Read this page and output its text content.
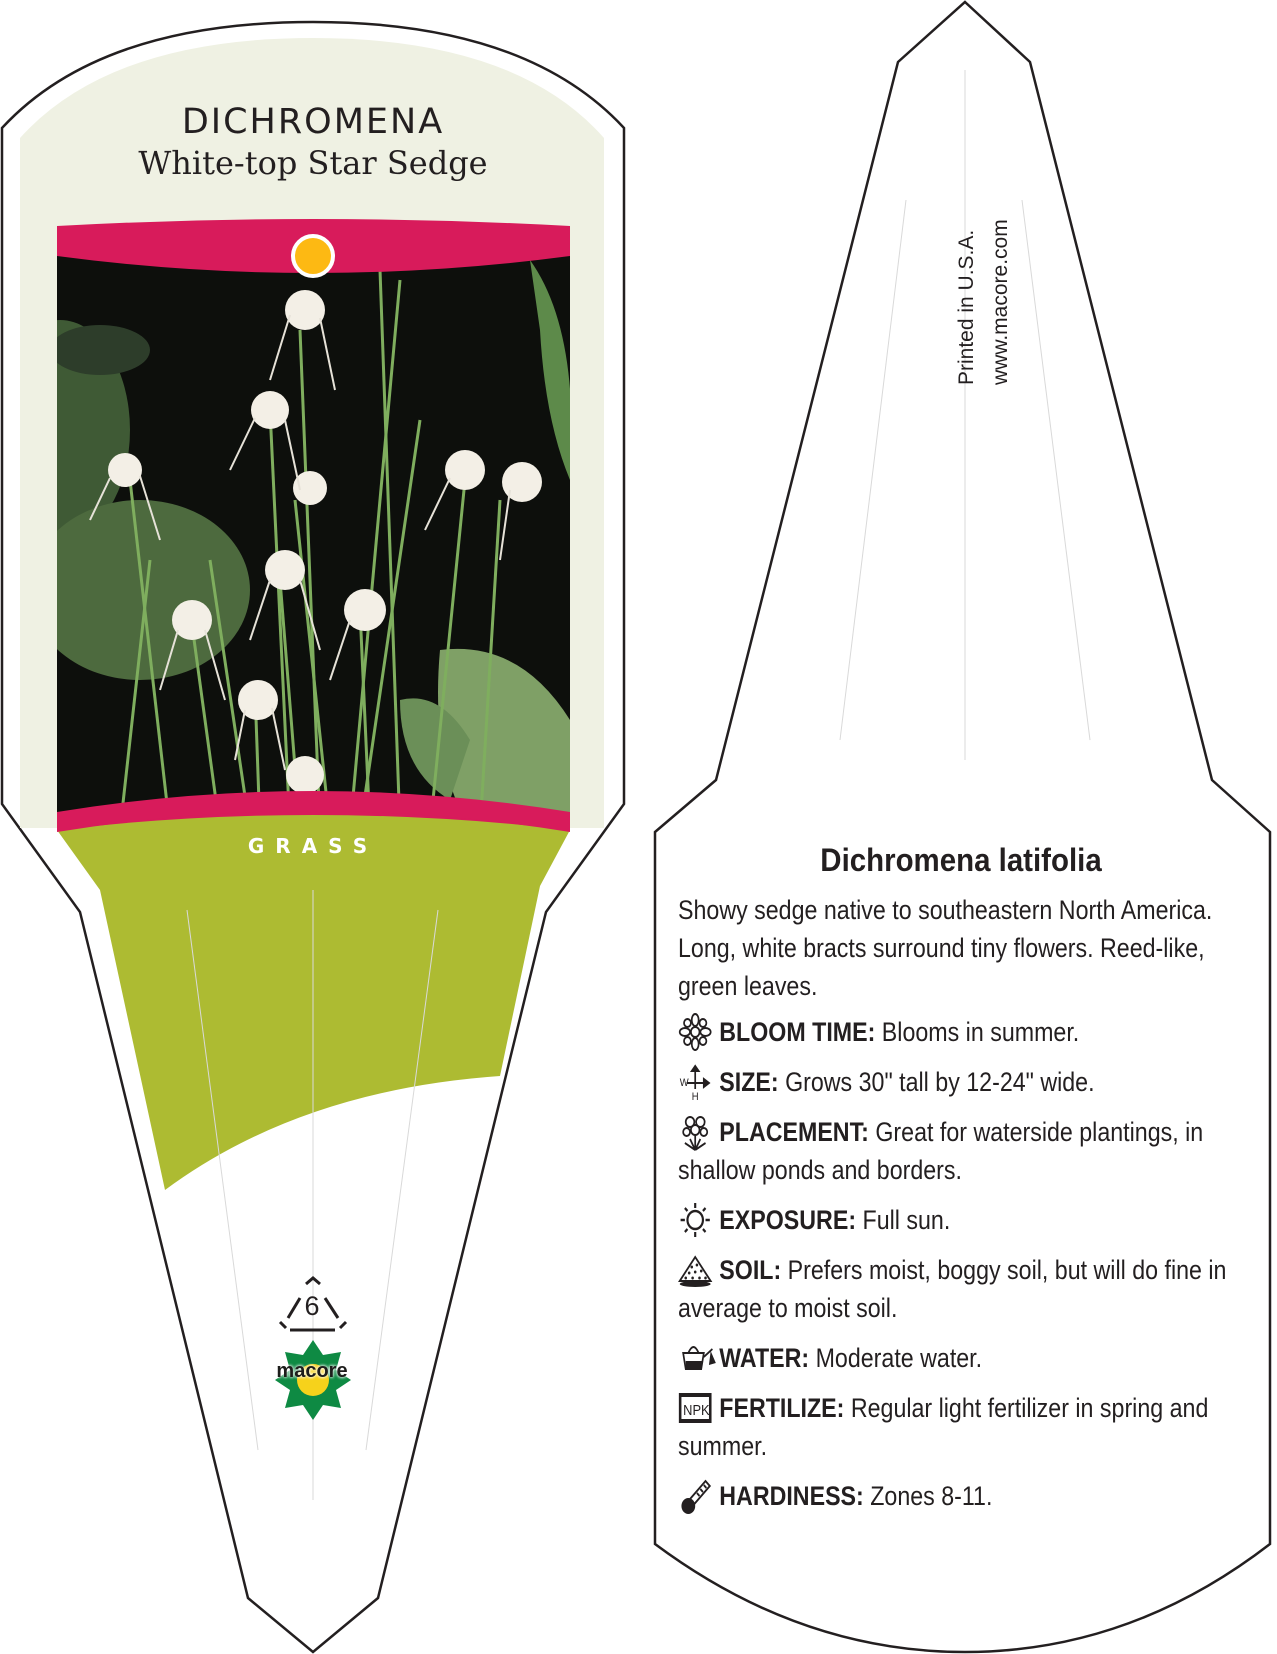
DICHROMENA
White-top Star Sedge
GRASS
6
macore
Printed in U.S.A. www.macore.com
Dichromena latifolia
Showy sedge native to southeastern North America. Long, white bracts surround tiny flowers. Reed-like, green leaves.
BLOOM TIME: Blooms in summer.
W
H
SIZE: Grows 30" tall by 12-24" wide.
PLACEMENT: Great for waterside plantings, in shallow ponds and borders.
EXPOSURE: Full sun.
SOIL: Prefers moist, boggy soil, but will do fine in average to moist soil.
WATER: Moderate water.
NPK FERTILIZE: Regular light fertilizer in spring and summer.
HARDINESS: Zones 8-11.
